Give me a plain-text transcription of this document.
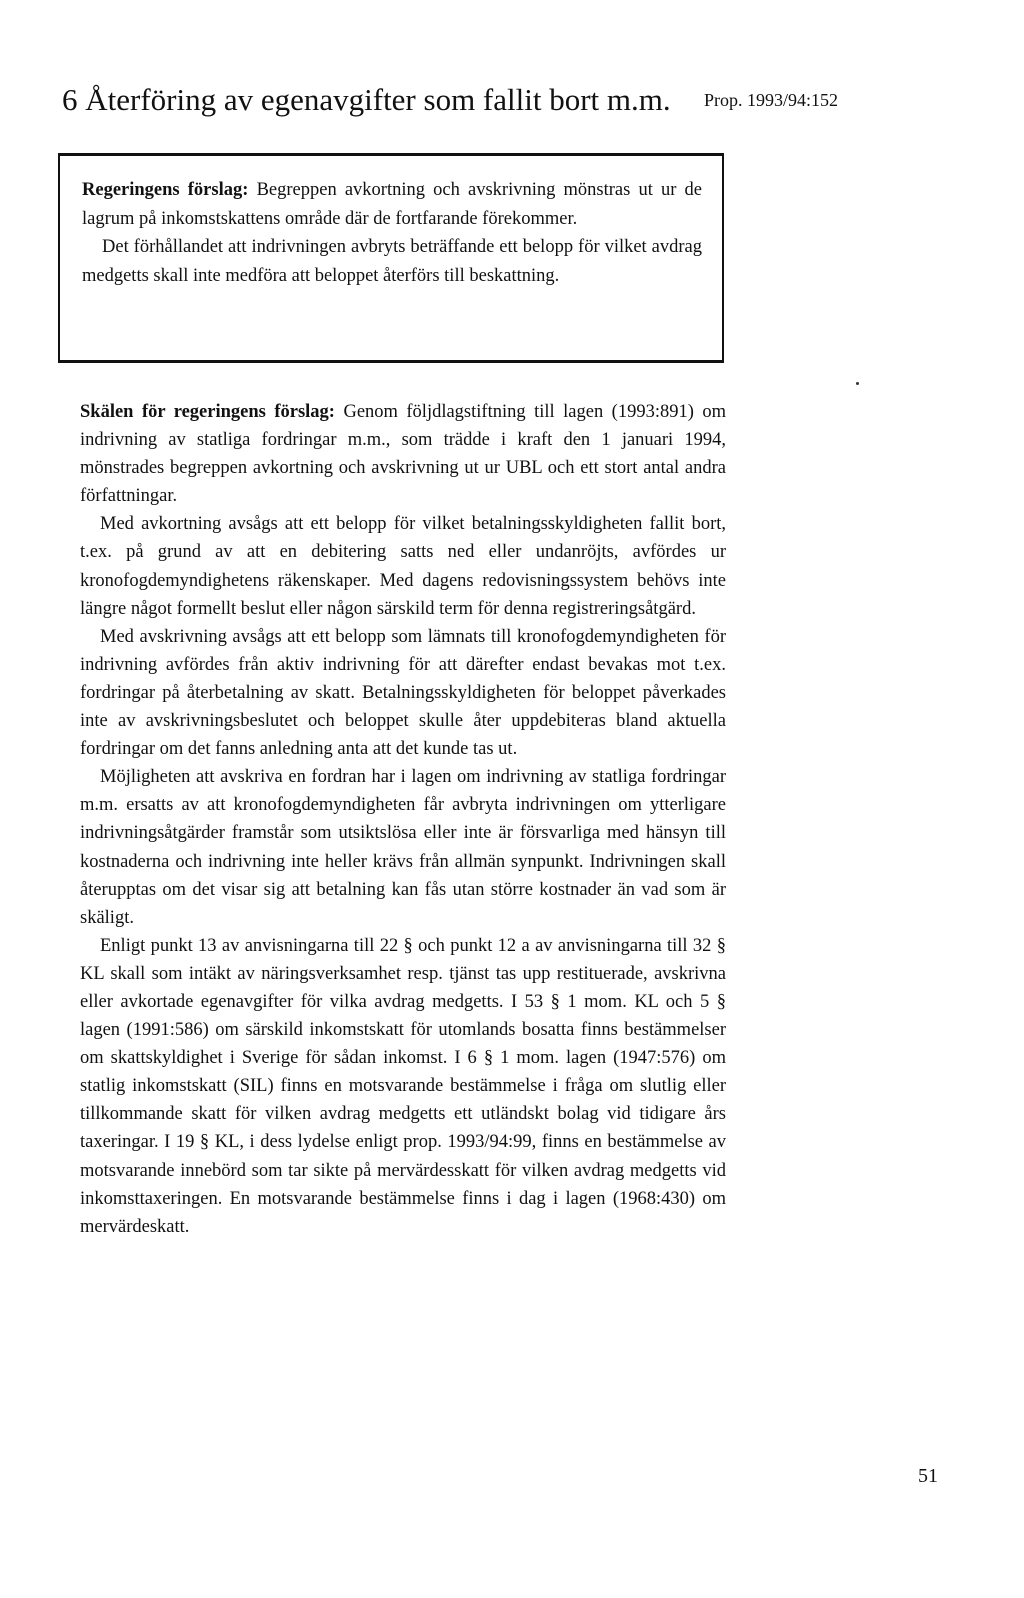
6 Återföring av egenavgifter som fallit bort m.m. Prop. 1993/94:152

Regeringens förslag: Begreppen avkortning och avskrivning mönstras ut ur de lagrum på inkomstskattens område där de fortfarande förekommer.

Det förhållandet att indrivningen avbryts beträffande ett belopp för vilket avdrag medgetts skall inte medföra att beloppet återförs till beskattning.

Skälen för regeringens förslag: Genom följdlagstiftning till lagen (1993:891) om indrivning av statliga fordringar m.m., som trädde i kraft den 1 januari 1994, mönstrades begreppen avkortning och avskrivning ut ur UBL och ett stort antal andra författningar.

Med avkortning avsågs att ett belopp för vilket betalningsskyldigheten fallit bort, t.ex. på grund av att en debitering satts ned eller undanröjts, avfördes ur kronofogdemyndighetens räkenskaper. Med dagens redovisningssystem behövs inte längre något formellt beslut eller någon särskild term för denna registreringsåtgärd.

Med avskrivning avsågs att ett belopp som lämnats till kronofogdemyndigheten för indrivning avfördes från aktiv indrivning för att därefter endast bevakas mot t.ex. fordringar på återbetalning av skatt. Betalningsskyldigheten för beloppet påverkades inte av avskrivningsbeslutet och beloppet skulle åter uppdebiteras bland aktuella fordringar om det fanns anledning anta att det kunde tas ut.

Möjligheten att avskriva en fordran har i lagen om indrivning av statliga fordringar m.m. ersatts av att kronofogdemyndigheten får avbryta indrivningen om ytterligare indrivningsåtgärder framstår som utsiktslösa eller inte är försvarliga med hänsyn till kostnaderna och indrivning inte heller krävs från allmän synpunkt. Indrivningen skall återupptas om det visar sig att betalning kan fås utan större kostnader än vad som är skäligt.

Enligt punkt 13 av anvisningarna till 22 § och punkt 12 a av anvisningarna till 32 § KL skall som intäkt av näringsverksamhet resp. tjänst tas upp restituerade, avskrivna eller avkortade egenavgifter för vilka avdrag medgetts. I 53 § 1 mom. KL och 5 § lagen (1991:586) om särskild inkomstskatt för utomlands bosatta finns bestämmelser om skattskyldighet i Sverige för sådan inkomst. I 6 § 1 mom. lagen (1947:576) om statlig inkomstskatt (SIL) finns en motsvarande bestämmelse i fråga om slutlig eller tillkommande skatt för vilken avdrag medgetts ett utländskt bolag vid tidigare års taxeringar. I 19 § KL, i dess lydelse enligt prop. 1993/94:99, finns en bestämmelse av motsvarande innebörd som tar sikte på mervärdesskatt för vilken avdrag medgetts vid inkomsttaxeringen. En motsvarande bestämmelse finns i dag i lagen (1968:430) om mervärdeskatt.

51
